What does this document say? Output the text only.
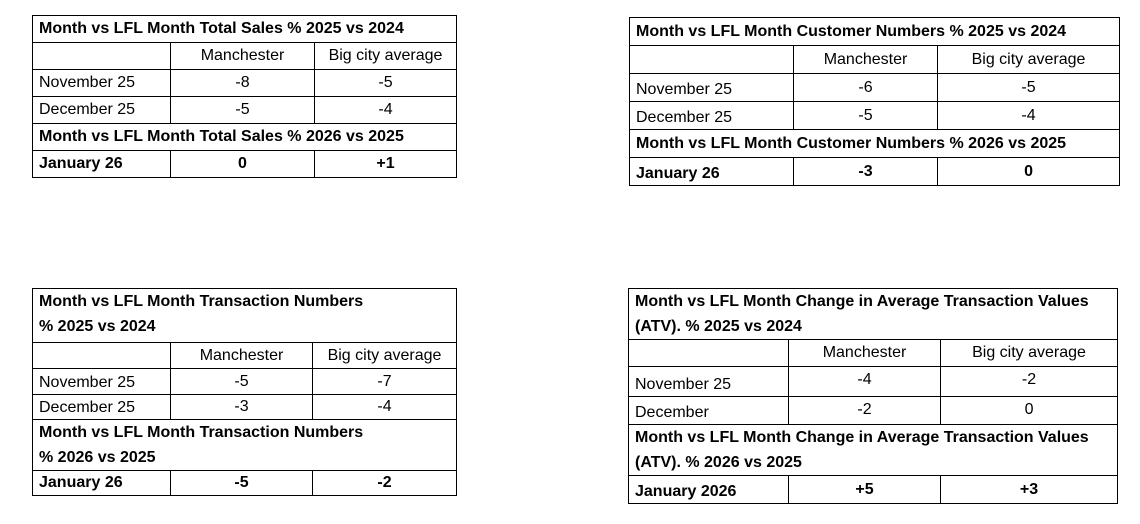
Month vs LFL Month Total Sales % 2025 vs 2024		
	Manchester	Big city average
November 25	-8	-5
December 25	-5	-4
Month vs LFL Month Total Sales % 2026 vs 2025		
January 26	0	+1
Month vs LFL Month Customer Numbers % 2025 vs 2024		
	Manchester	Big city average
November 25	-6	-5
December 25	-5	-4
Month vs LFL Month Customer Numbers % 2026 vs 2025		
January 26	-3	0
Month vs LFL Month Transaction Numbers
% 2025 vs 2024		

	Manchester	Big city average
November 25	-5	-7
December 25	-3	-4

Month vs LFL Month Transaction Numbers
% 2026 vs 2025		

January 26	-5	-2
Month vs LFL Month Change in Average Transaction Values
(ATV). % 2025 vs 2024		

	Manchester	Big city average
November 25	-4	-2
December	-2	0

Month vs LFL Month Change in Average Transaction Values
(ATV). % 2026 vs 2025		

January 2026	+5	+3
